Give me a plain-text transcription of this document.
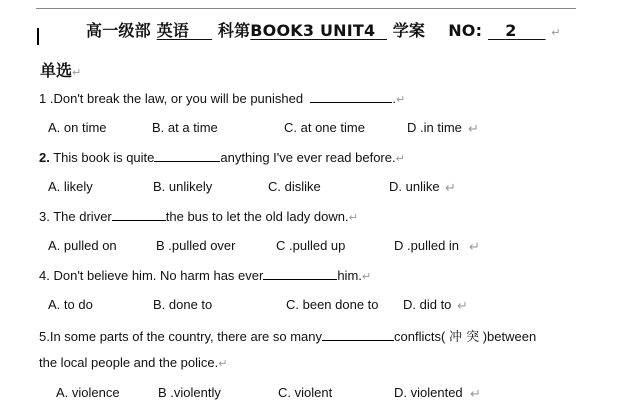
高一级部 英语 科第BOOK3 UNIT4 学案 NO: 2	↵
单选↵
1 .Don't break the law, or you will be punished	.↵
A. on time	B. at a time	C. at one time	D .in time ↵
2. This book is quite	anything I've ever read before.↵
A. likely	B. unlikely	C. dislike	D. unlike ↵
3. The driver	the bus to let the old lady down.↵
A. pulled on	B .pulled over	C .pulled up	D .pulled in ↵
4. Don't believe him. No harm has ever	him.↵
A. to do	B. done to	C. been done to D. did to ↵
5.In some parts of the country, there are so many	conflicts( 冲 突 )between
the local people and the police.↵
A. violence	B .violently	C. violent	D. violented ↵
